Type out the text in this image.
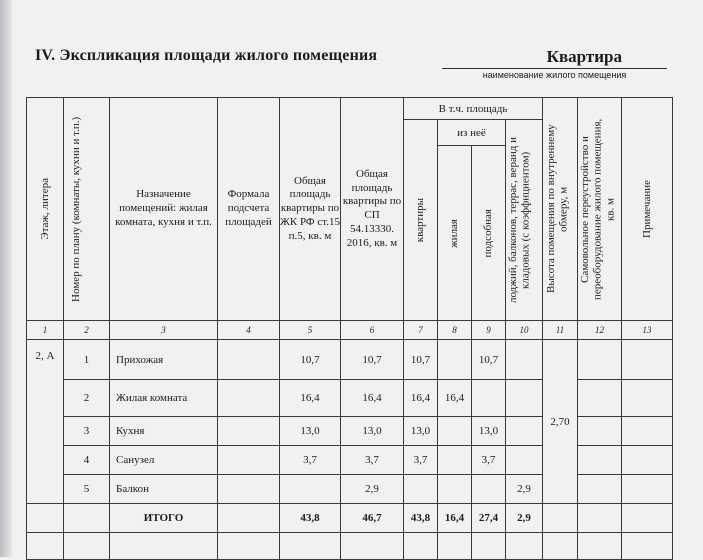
IV. Экспликация площади жилого помещения	Квартира
наименование жилого помещения
Этаж, литера	Номер по плану (комнаты, кухни и т.п.)	Назначение помещений: жилая комната, кухня и т.п.	Формала подсчета площадей	Общая площадь квартиры по ЖК РФ ст.15 п.5, кв. м	Общая площадь квартиры по СП 54.13330. 2016, кв. м	В т.ч. площадь				Высота помещения по внутреннему обмеру, м	Самовольное переустройство и переоборудование жилого помещения, кв. м	Примечание

						квартиры	из неё		лоджий, балконов, террас, веранд и кладовых (с коэффициентом)			

							жилая	подсобная				

1	2	3	4	5	6	7	8	9	10	11	12	13
2, А	1	Прихожая		10,7	10,7	10,7		10,7		2,70		
	2	Жилая комната		16,4	16,4	16,4	16,4					
	3	Кухня		13,0	13,0	13,0		13,0				
	4	Санузел		3,7	3,7	3,7		3,7				
	5	Балкон			2,9				2,9			
		ИТОГО		43,8	46,7	43,8	16,4	27,4	2,9			
